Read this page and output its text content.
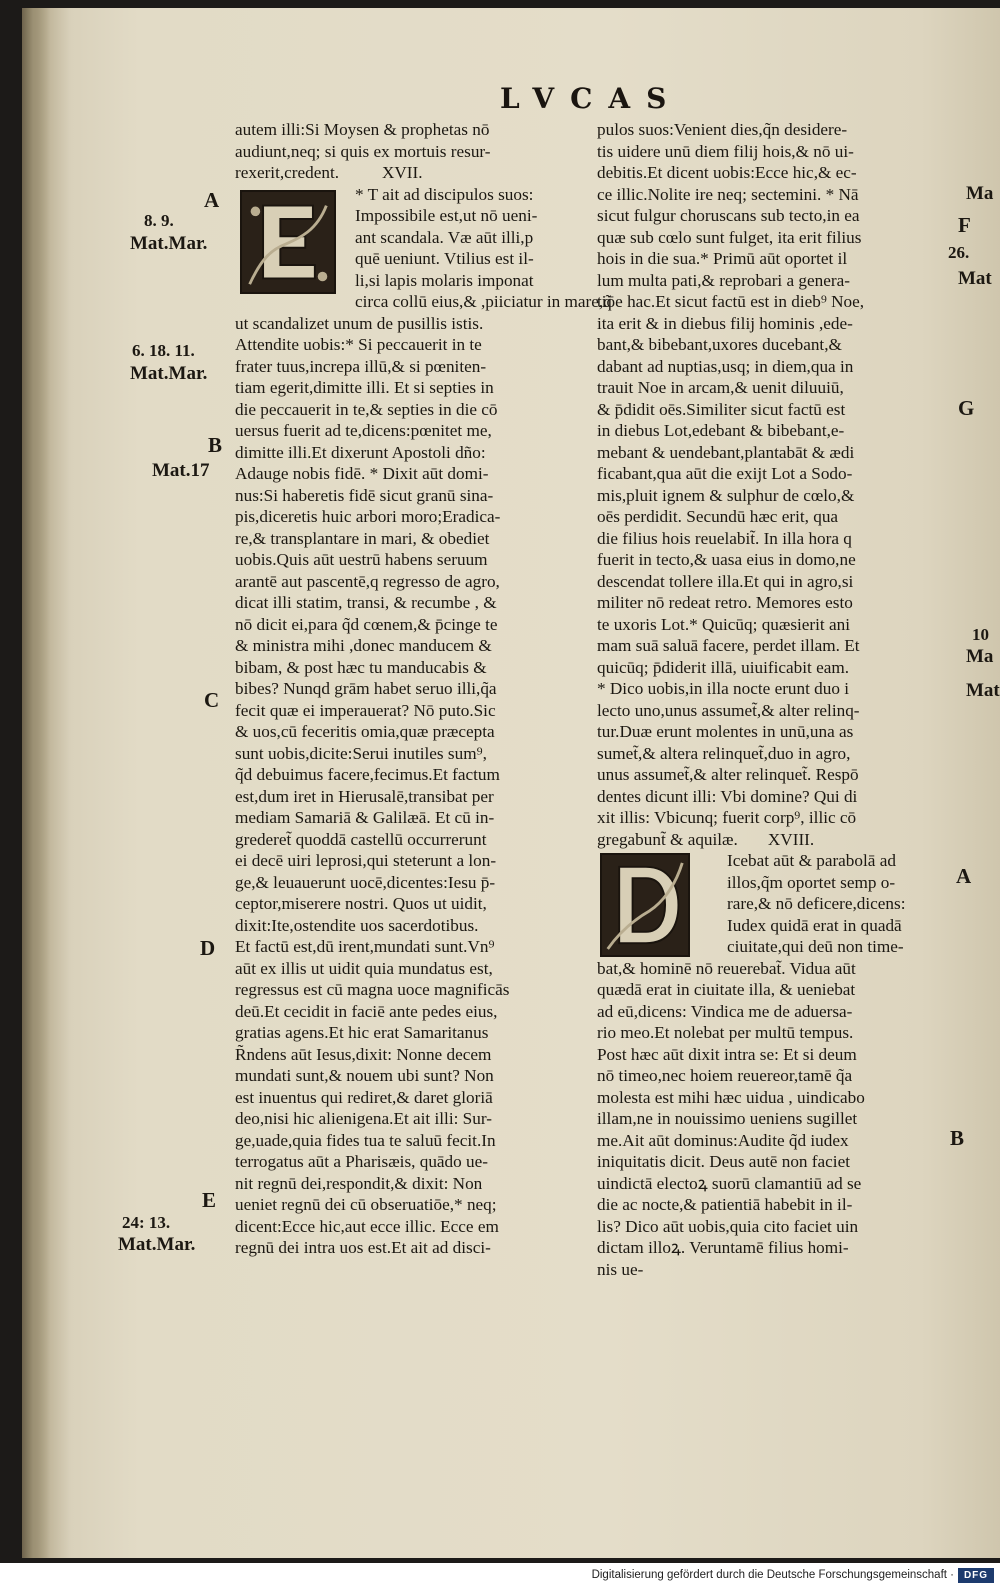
LVCAS
autem illi:Si Moysen & prophetas nō
audiunt,neq; si quis ex mortuis resur-
rexerit,credent.          XVII.
* T ait ad discipulos suos:
Impossibile est,ut nō ueni-
ant scandala. Væ aūt illi,p
quē ueniunt. Vtilius est il-
li,si lapis molaris imponat
circa collū eius,& ,piiciatur in mare,q̃
ut scandalizet unum de pusillis istis.
Attendite uobis:* Si peccauerit in te
frater tuus,increpa illū,& si pœniten-
tiam egerit,dimitte illi. Et si septies in
die peccauerit in te,& septies in die cō
uersus fuerit ad te,dicens:pœnitet me,
dimitte illi.Et dixerunt Apostoli dño:
Adauge nobis fidē. * Dixit aūt domi-
nus:Si haberetis fidē sicut granū sina-
pis,diceretis huic arbori moro;Eradica-
re,& transplantare in mari, & obediet
uobis.Quis aūt uestrū habens seruum
arantē aut pascentē,q regresso de agro,
dicat illi statim, transi, & recumbe , &
nō dicit ei,para q̃d cœnem,& p̄cinge te
& ministra mihi ,donec manducem &
bibam, & post hæc tu manducabis &
bibes? Nunqd grām habet seruo illi,q̃a
fecit quæ ei imperauerat? Nō puto.Sic
& uos,cū feceritis omia,quæ præcepta
sunt uobis,dicite:Serui inutiles sum⁹,
q̃d debuimus facere,fecimus.Et factum
est,dum iret in Hierusalē,transibat per
mediam Samariā & Galilæā. Et cū in-
grederet̃ quoddā castellū occurrerunt
ei decē uiri leprosi,qui steterunt a lon-
ge,& leuauerunt uocē,dicentes:Iesu p̄-
ceptor,miserere nostri. Quos ut uidit,
dixit:Ite,ostendite uos sacerdotibus.
Et factū est,dū irent,mundati sunt.Vn⁹
aūt ex illis ut uidit quia mundatus est,
regressus est cū magna uoce magnificās
deū.Et cecidit in faciē ante pedes eius,
gratias agens.Et hic erat Samaritanus
R̃ndens aūt Iesus,dixit: Nonne decem
mundati sunt,& nouem ubi sunt? Non
est inuentus qui rediret,& daret gloriā
deo,nisi hic alienigena.Et ait illi: Sur-
ge,uade,quia fides tua te saluū fecit.In
terrogatus aūt a Pharisæis, quādo ue-
nit regnū dei,respondit,& dixit: Non
ueniet regnū dei cū obseruatiōe,* neq;
dicent:Ecce hic,aut ecce illic. Ecce em
regnū dei intra uos est.Et ait ad disci-
pulos suos:Venient dies,q̃n desidere-
tis uidere unū diem filij hois,& nō ui-
debitis.Et dicent uobis:Ecce hic,& ec-
ce illic.Nolite ire neq; sectemini. * Nā
sicut fulgur choruscans sub tecto,in ea
quæ sub cœlo sunt fulget, ita erit filius
hois in die sua.* Primū aūt oportet il
lum multa pati,& reprobari a genera-
tiōe hac.Et sicut factū est in dieb⁹ Noe,
ita erit & in diebus filij hominis ,ede-
bant,& bibebant,uxores ducebant,&
dabant ad nuptias,usq; in diem,qua in
trauit Noe in arcam,& uenit diluuiū,
& p̄didit oēs.Similiter sicut factū est
in diebus Lot,edebant & bibebant,e-
mebant & uendebant,plantabāt & ædi
ficabant,qua aūt die exijt Lot a Sodo-
mis,pluit ignem & sulphur de cœlo,&
oēs perdidit. Secundū hæc erit, qua
die filius hois reuelabit̃. In illa hora q
fuerit in tecto,& uasa eius in domo,ne
descendat tollere illa.Et qui in agro,si
militer nō redeat retro. Memores esto
te uxoris Lot.* Quicūq; quæsierit ani
mam suā saluā facere, perdet illam. Et
quicūq; p̄diderit illā, uiuificabit eam.
* Dico uobis,in illa nocte erunt duo i
lecto uno,unus assumet̃,& alter relinq-
tur.Duæ erunt molentes in unū,una as
sumet̃,& altera relinquet̃,duo in agro,
unus assumet̃,& alter relinquet̃. Respō
dentes dicunt illi: Vbi domine? Qui di
xit illis: Vbicunq; fuerit corp⁹, illic cō
gregabunt̃ & aquilæ.       XVIII.
Icebat aūt & parabolā ad
illos,q̃m oportet semp o-
rare,& nō deficere,dicens:
Iudex quidā erat in quadā
ciuitate,qui deū non time-
bat,& hominē nō reuerebat̃. Vidua aūt
quædā erat in ciuitate illa, & ueniebat
ad eū,dicens: Vindica me de aduersa-
rio meo.Et nolebat per multū tempus.
Post hæc aūt dixit intra se: Et si deum
nō timeo,nec hoiem reuereor,tamē q̃a
molesta est mihi hæc uidua , uindicabo
illam,ne in nouissimo ueniens sugillet
me.Ait aūt dominus:Audite q̃d iudex
iniquitatis dicit. Deus autē non faciet
uindictā electoꝝ suorū clamantiū ad se
die ac nocte,& patientiā habebit in il-
lis? Dico aūt uobis,quia cito faciet uin
dictam illoꝝ. Veruntamē filius homi-
nis ue-
A
8. 9.
Mat.Mar.
6. 18. 11.
Mat.Mar.
B
Mat.17
C
D
E
24: 13.
Mat.Mar.
Ma
F
26.
Mat
G
10
Ma
Mat
A
B
Digitalisierung gefördert durch die Deutsche Forschungsgemeinschaft · DFG
